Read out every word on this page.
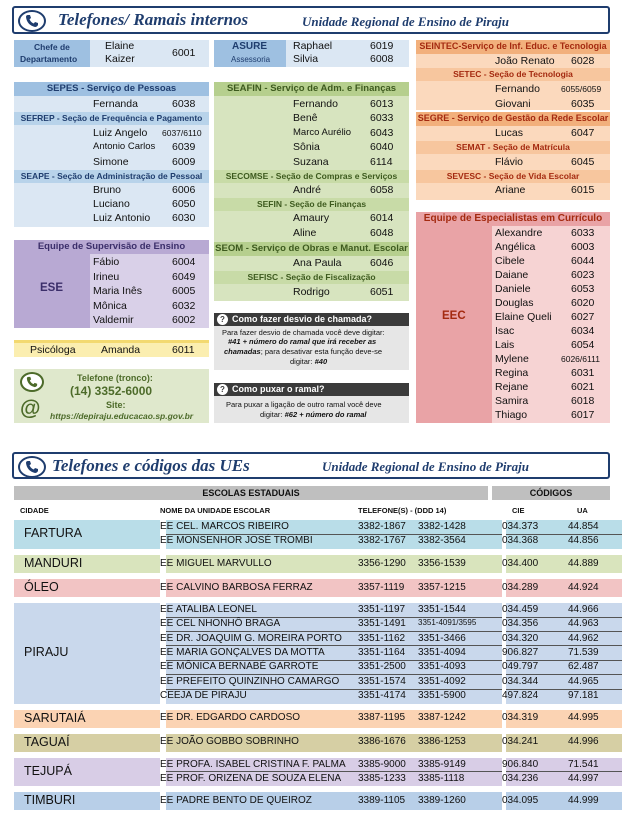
Telefones/ Ramais internos	Unidade Regional de Ensino de Piraju
Chefe de
Departamento
Elaine
Kaizer	6001
SEPES - Serviço de Pessoas
Fernanda	6038
SEFREP - Seção de Frequência e Pagamento
Luiz Angelo 6037/6110
Antonio Carlos 6039
Simone	6009
SEAPE - Seção de Administração de Pessoal
Bruno	6006
Luciano	6050
Luiz Antonio 6030
Equipe de Supervisão de Ensino
ESE
Fábio	6004
Irineu	6049
Maria Inês	6005
Mônica	6032
Valdemir	6002
Psicóloga Amanda	6011
Telefone (tronco):
(14) 3352-6000
@	Site:
https://depiraju.educacao.sp.gov.br
ASURE
Assessoria
Raphael	6019
Silvia	6008
SEAFIN - Serviço de Adm. e Finanças
Fernando	6013
Benê	6033
Marco Aurélio 6043
Sônia	6040
Suzana	6114
SECOMSE - Seção de Compras e Serviços
André	6058
SEFIN - Seção de Finanças
Amaury	6014
Aline	6048
SEOM - Serviço de Obras e Manut. Escolar
Ana Paula	6046
SEFISC - Seção de Fiscalização
Rodrigo	6051
? Como fazer desvio de chamada?
Para fazer desvio de chamada você deve digitar:
#41 + número do ramal que irá receber as
chamadas; para desativar esta função deve-se
digitar: #40
? Como puxar o ramal?
Para puxar a ligação de outro ramal você deve
digitar: #62 + número do ramal
SEINTEC-Serviço de Inf. Educ. e Tecnologia
João Renato 6028
SETEC - Seção de Tecnologia
Fernando 6055/6059
Giovani	6035
SEGRE - Serviço de Gestão da Rede Escolar
Lucas	6047
SEMAT - Seção de Matrícula
Flávio	6045
SEVESC - Seção de Vida Escolar
Ariane	6015
Equipe de Especialistas em Currículo
EEC
Alexandre	6033
Angélica	6003
Cibele	6044
Daiane	6023
Daniele	6053
Douglas	6020
Elaine Queli 6027
Isac	6034
Lais	6054
Mylene	6026/6111
Regina	6031
Rejane	6021
Samira	6018
Thiago	6017
Telefones e códigos das UEs	Unidade Regional de Ensino de Piraju
ESCOLAS ESTADUAIS	CÓDIGOS
CIDADE	NOME DA UNIDADE ESCOLAR	TELEFONE(S) - (DDD 14)	CIE	UA
FARTURA	EE CEL. MARCOS RIBEIRO	3382-1867 3382-1428	034.373	44.854
EE MONSENHOR JOSÉ TROMBI	3382-1767 3382-3564	034.368	44.856
MANDURI	EE MIGUEL MARVULLO	3356-1290 3356-1539	034.400	44.889
ÓLEO	EE CALVINO BARBOSA FERRAZ	3357-1119 3357-1215	034.289	44.924
PIRAJU
EE ATALIBA LEONEL	3351-1197 3351-1544	034.459	44.966
EE CEL NHONHÔ BRAGA	3351-1491 3351-4091/3595	034.356	44.963
EE DR. JOAQUIM G. MOREIRA PORTO 3351-1162 3351-3466	034.320	44.962
EE MARIA GONÇALVES DA MOTTA	3351-1164 3351-4094	906.827	71.539
EE MÔNICA BERNABÉ GARROTE	3351-2500 3351-4093	049.797	62.487
EE PREFEITO QUINZINHO CAMARGO 3351-1574 3351-4092	034.344	44.965
CEEJA DE PIRAJU	3351-4174 3351-5900	497.824	97.181
SARUTAIÁ	EE DR. EDGARDO CARDOSO	3387-1195 3387-1242	034.319	44.995
TAGUAÍ	EE JOÃO GOBBO SOBRINHO	3386-1676 3386-1253	034.241	44.996
TEJUPÁ	EE PROFA. ISABEL CRISTINA F. PALMA 3385-9000 3385-9149	906.840	71.541
EE PROF. ORIZENA DE SOUZA ELENA 3385-1233 3385-1118	034.236	44.997
TIMBURI	EE PADRE BENTO DE QUEIROZ	3389-1105 3389-1260	034.095	44.999
